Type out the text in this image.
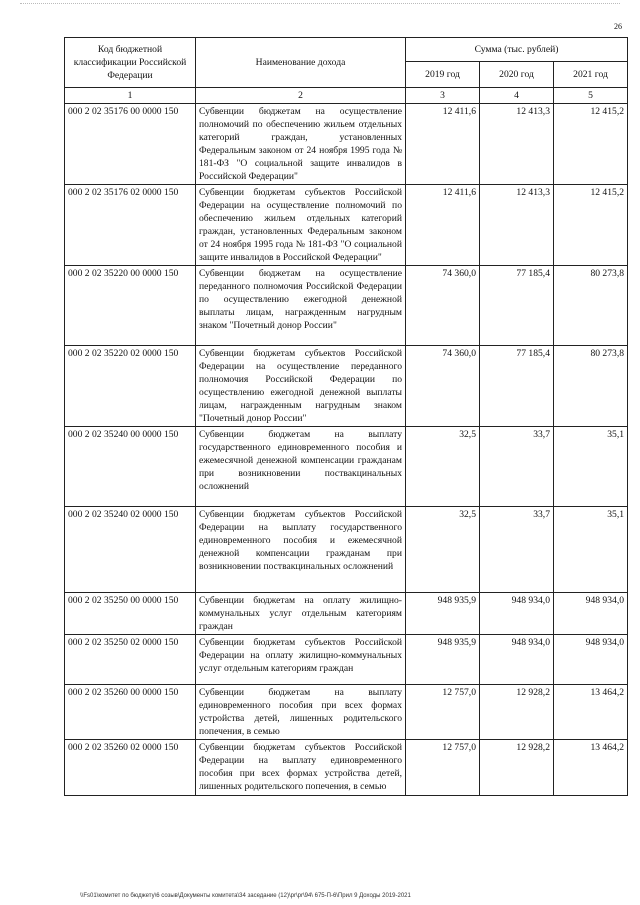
26
Код бюджетной классификации Российской Федерации	Наименование дохода	Сумма (тыс. рублей)		
		2019 год	2020 год	2021 год
1	2	3	4	5
000 2 02 35176 00 0000 150	Субвенции бюджетам на осуществление полномочий по обеспечению жильем отдельных категорий граждан, установленных Федеральным законом от 24 ноября 1995 года № 181-ФЗ "О социальной защите инвалидов в Российской Федерации"	12 411,6	12 413,3	12 415,2
000 2 02 35176 02 0000 150	Субвенции бюджетам субъектов Российской Федерации на осуществление полномочий по обеспечению жильем отдельных категорий граждан, установленных Федеральным законом от 24 ноября 1995 года № 181-ФЗ "О социальной защите инвалидов в Российской Федерации"	12 411,6	12 413,3	12 415,2
000 2 02 35220 00 0000 150	Субвенции бюджетам на осуществление переданного полномочия Российской Федерации по осуществлению ежегодной денежной выплаты лицам, награжденным нагрудным знаком "Почетный донор России"	74 360,0	77 185,4	80 273,8
000 2 02 35220 02 0000 150	Субвенции бюджетам субъектов Российской Федерации на осуществление переданного полномочия Российской Федерации по осуществлению ежегодной денежной выплаты лицам, награжденным нагрудным знаком "Почетный донор России"	74 360,0	77 185,4	80 273,8
000 2 02 35240 00 0000 150	Субвенции бюджетам на выплату государственного единовременного пособия и ежемесячной денежной компенсации гражданам при возникновении поствакцинальных осложнений	32,5	33,7	35,1
000 2 02 35240 02 0000 150	Субвенции бюджетам субъектов Российской Федерации на выплату государственного единовременного пособия и ежемесячной денежной компенсации гражданам при возникновении поствакцинальных осложнений	32,5	33,7	35,1
000 2 02 35250 00 0000 150	Субвенции бюджетам на оплату жилищно-коммунальных услуг отдельным категориям граждан	948 935,9	948 934,0	948 934,0
000 2 02 35250 02 0000 150	Субвенции бюджетам субъектов Российской Федерации на оплату жилищно-коммунальных услуг отдельным категориям граждан	948 935,9	948 934,0	948 934,0
000 2 02 35260 00 0000 150	Субвенции бюджетам на выплату единовременного пособия при всех формах устройства детей, лишенных родительского попечения, в семью	12 757,0	12 928,2	13 464,2
000 2 02 35260 02 0000 150	Субвенции бюджетам субъектов Российской Федерации на выплату единовременного пособия при всех формах устройства детей, лишенных родительского попечения, в семью	12 757,0	12 928,2	13 464,2
\\Fs01\комитет по бюджету\6 созыв\Документы комитета\34 заседание (12)\pr\pr\94\ 675-П-6\Прил 9 Доходы 2019-2021
